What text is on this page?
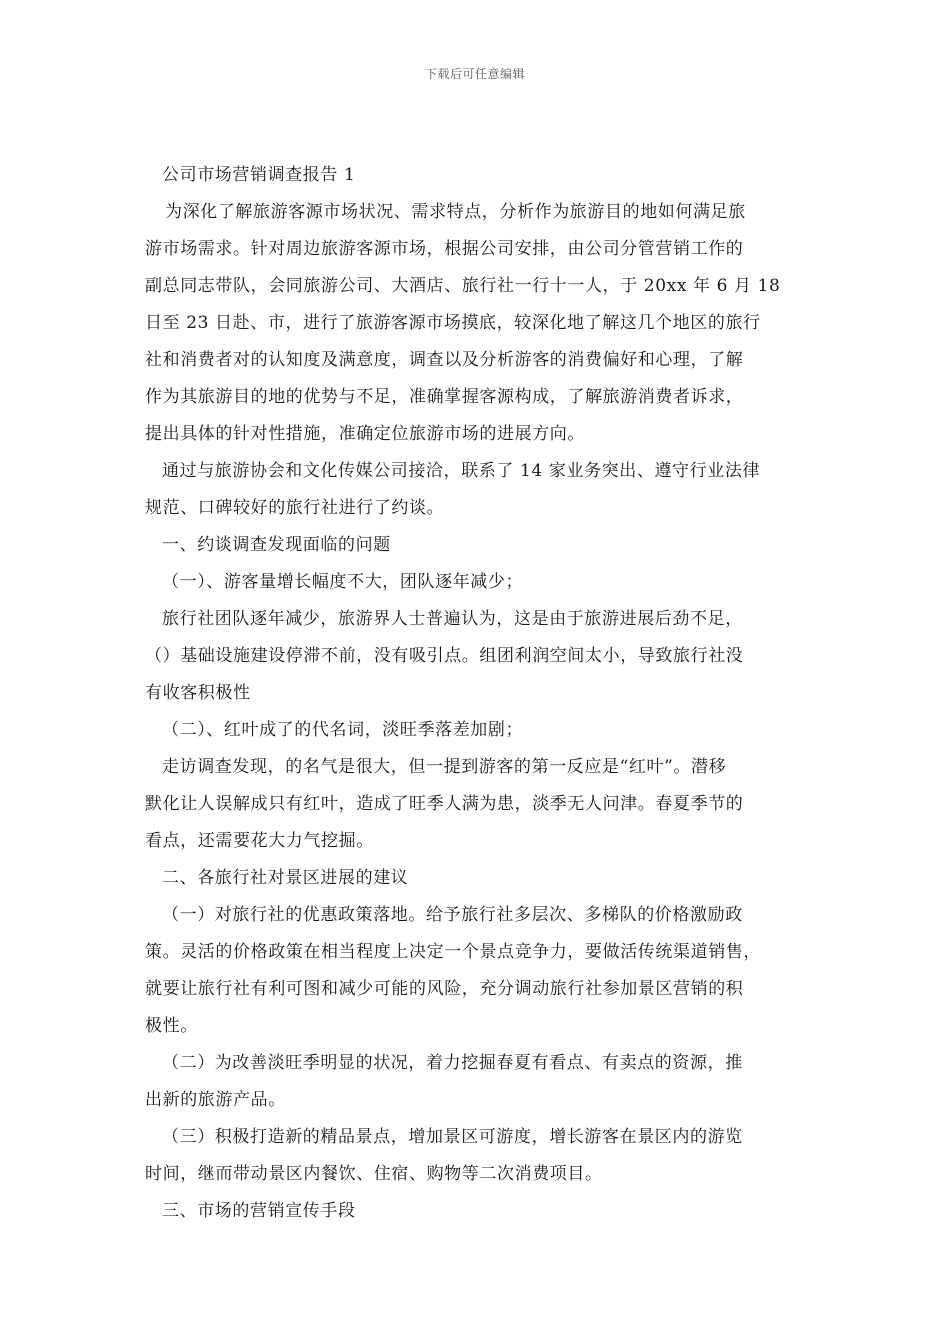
下载后可任意编辑
公司市场营销调查报告 1
为深化了解旅游客源市场状况、需求特点，分析作为旅游目的地如何满足旅
游市场需求。针对周边旅游客源市场，根据公司安排，由公司分管营销工作的
副总同志带队，会同旅游公司、大酒店、旅行社一行十一人，于 20xx 年 6 月 18
日至 23 日赴、市，进行了旅游客源市场摸底，较深化地了解这几个地区的旅行
社和消费者对的认知度及满意度，调查以及分析游客的消费偏好和心理，了解
作为其旅游目的地的优势与不足，准确掌握客源构成，了解旅游消费者诉求，
提出具体的针对性措施，准确定位旅游市场的进展方向。
通过与旅游协会和文化传媒公司接洽，联系了 14 家业务突出、遵守行业法律
规范、口碑较好的旅行社进行了约谈。
一、约谈调查发现面临的问题
（一）、游客量增长幅度不大，团队逐年减少；
旅行社团队逐年减少，旅游界人士普遍认为，这是由于旅游进展后劲不足，
（）基础设施建设停滞不前，没有吸引点。组团利润空间太小，导致旅行社没
有收客积极性
（二）、红叶成了的代名词，淡旺季落差加剧；
走访调查发现，的名气是很大，但一提到游客的第一反应是“红叶”。潜移
默化让人误解成只有红叶，造成了旺季人满为患，淡季无人问津。春夏季节的
看点，还需要花大力气挖掘。
二、各旅行社对景区进展的建议
（一）对旅行社的优惠政策落地。给予旅行社多层次、多梯队的价格激励政
策。灵活的价格政策在相当程度上决定一个景点竞争力，要做活传统渠道销售，
就要让旅行社有利可图和减少可能的风险，充分调动旅行社参加景区营销的积
极性。
（二）为改善淡旺季明显的状况，着力挖掘春夏有看点、有卖点的资源，推
出新的旅游产品。
（三）积极打造新的精品景点，增加景区可游度，增长游客在景区内的游览
时间，继而带动景区内餐饮、住宿、购物等二次消费项目。
三、市场的营销宣传手段
